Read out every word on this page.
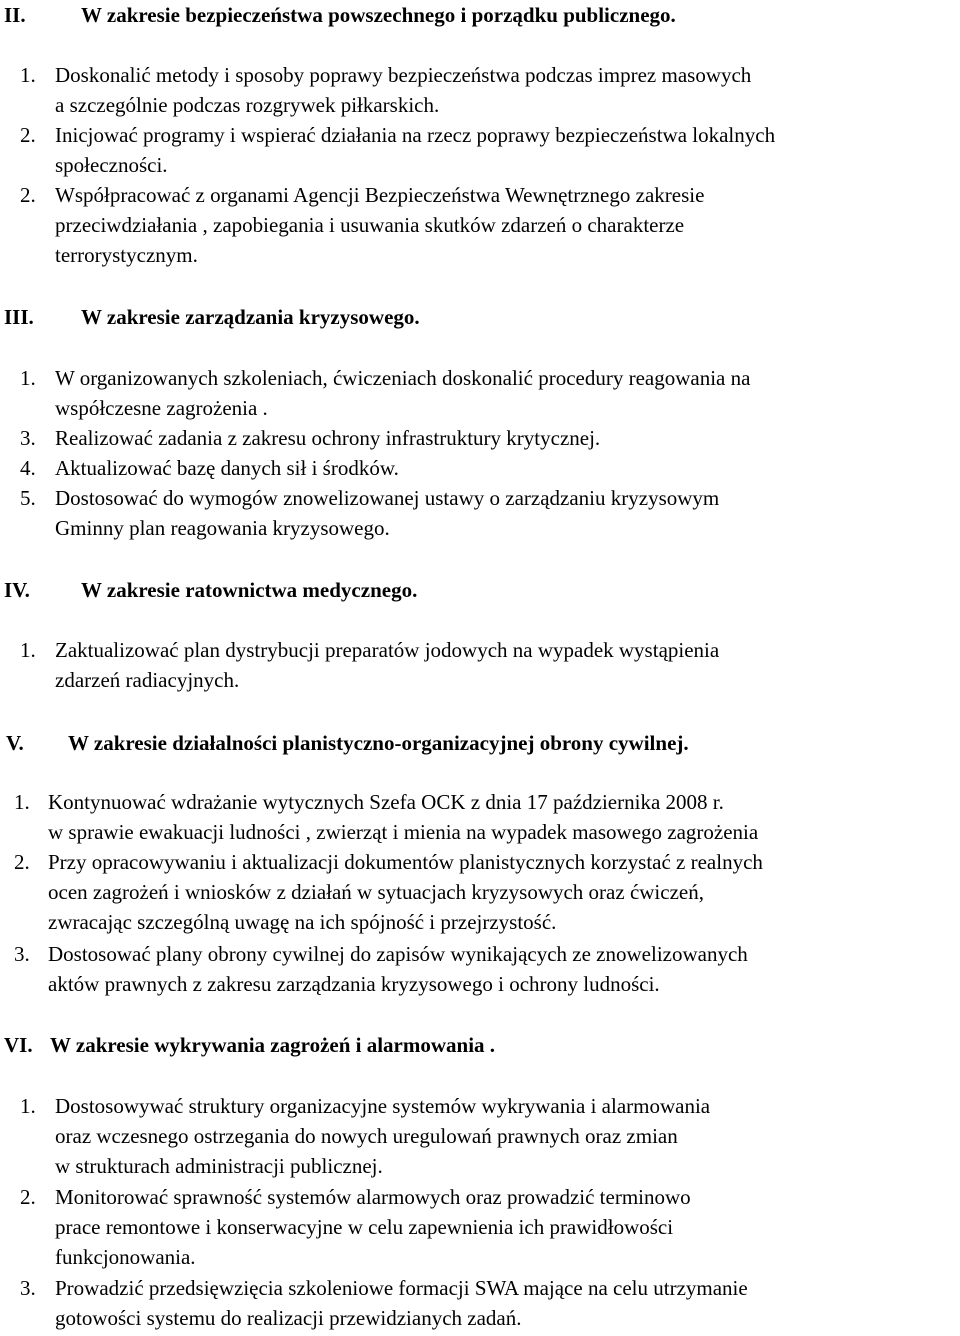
II.	W zakresie bezpieczeństwa powszechnego i porządku publicznego.
1. Doskonalić metody i sposoby poprawy bezpieczeństwa podczas imprez masowych
a szczególnie podczas rozgrywek piłkarskich.
2. Inicjować programy i wspierać działania na rzecz poprawy bezpieczeństwa lokalnych
społeczności.
2. Współpracować z organami Agencji Bezpieczeństwa Wewnętrznego zakresie
przeciwdziałania , zapobiegania i usuwania skutków zdarzeń o charakterze
terrorystycznym.
III. W zakresie zarządzania kryzysowego.
1. W organizowanych szkoleniach, ćwiczeniach doskonalić procedury reagowania na
współczesne zagrożenia .
3. Realizować zadania z zakresu ochrony infrastruktury krytycznej.
4. Aktualizować bazę danych sił i środków.
5. Dostosować do wymogów znowelizowanej ustawy o zarządzaniu kryzysowym
Gminny plan reagowania kryzysowego.
IV. W zakresie ratownictwa medycznego.
1. Zaktualizować plan dystrybucji preparatów jodowych na wypadek wystąpienia
zdarzeń radiacyjnych.
V. W zakresie działalności planistyczno-organizacyjnej obrony cywilnej.
1. Kontynuować wdrażanie wytycznych Szefa OCK z dnia 17 października 2008 r.
w sprawie ewakuacji ludności , zwierząt i mienia na wypadek masowego zagrożenia
2. Przy opracowywaniu i aktualizacji dokumentów planistycznych korzystać z realnych
ocen zagrożeń i wniosków z działań w sytuacjach kryzysowych oraz ćwiczeń,
zwracając szczególną uwagę na ich spójność i przejrzystość.
3. Dostosować plany obrony cywilnej do zapisów wynikających ze znowelizowanych
aktów prawnych z zakresu zarządzania kryzysowego i ochrony ludności.
VI. W zakresie wykrywania zagrożeń i alarmowania .
1. Dostosowywać struktury organizacyjne systemów wykrywania i alarmowania
oraz wczesnego ostrzegania do nowych uregulowań prawnych oraz zmian
w strukturach administracji publicznej.
2. Monitorować sprawność systemów alarmowych oraz prowadzić terminowo
prace remontowe i konserwacyjne w celu zapewnienia ich prawidłowości
funkcjonowania.
3. Prowadzić przedsięwzięcia szkoleniowe formacji SWA mające na celu utrzymanie
gotowości systemu do realizacji przewidzianych zadań.
